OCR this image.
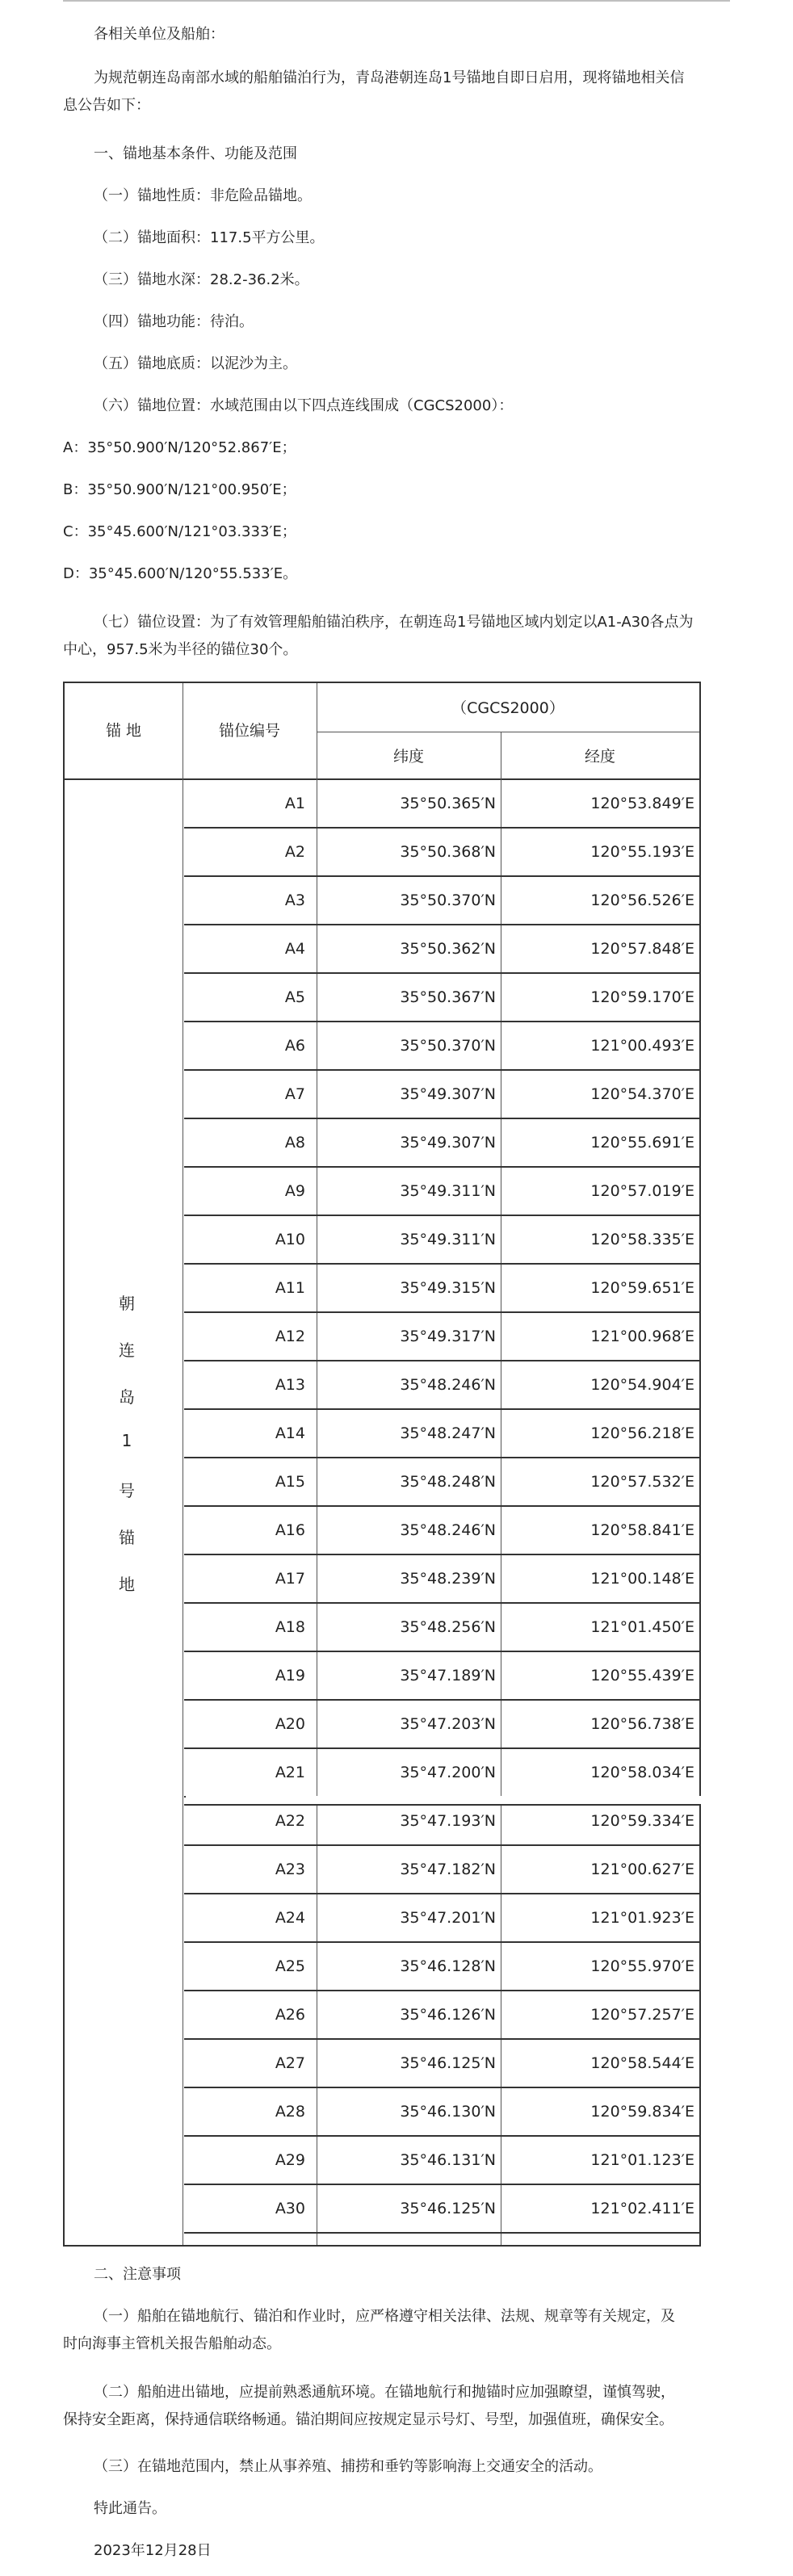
各相关单位及船舶：
为规范朝连岛南部水域的船舶锚泊行为，青岛港朝连岛1号锚地自即日启用，现将锚地相关信
息公告如下：
一、锚地基本条件、功能及范围
（一）锚地性质：非危险品锚地。
（二）锚地面积：117.5平方公里。
（三）锚地水深：28.2-36.2米。
（四）锚地功能：待泊。
（五）锚地底质：以泥沙为主。
（六）锚地位置：水域范围由以下四点连线围成（CGCS2000）：
A：35°50.900′N/120°52.867′E；
B：35°50.900′N/121°00.950′E；
C：35°45.600′N/121°03.333′E；
D：35°45.600′N/120°55.533′E。
（七）锚位设置：为了有效管理船舶锚泊秩序，在朝连岛1号锚地区域内划定以A1-A30各点为
中心，957.5米为半径的锚位30个。
锚 地	锚位编号
（CGCS2000）
纬度	经度
朝
连
岛
1
号
锚
地
A1	35°50.365′N	120°53.849′E
A2	35°50.368′N	120°55.193′E
A3	35°50.370′N	120°56.526′E
A4	35°50.362′N	120°57.848′E
A5	35°50.367′N	120°59.170′E
A6	35°50.370′N	121°00.493′E
A7	35°49.307′N	120°54.370′E
A8	35°49.307′N	120°55.691′E
A9	35°49.311′N	120°57.019′E
A10	35°49.311′N	120°58.335′E
A11	35°49.315′N	120°59.651′E
A12	35°49.317′N	121°00.968′E
A13	35°48.246′N	120°54.904′E
A14	35°48.247′N	120°56.218′E
A15	35°48.248′N	120°57.532′E
A16	35°48.246′N	120°58.841′E
A17	35°48.239′N	121°00.148′E
A18	35°48.256′N	121°01.450′E
A19	35°47.189′N	120°55.439′E
A20	35°47.203′N	120°56.738′E
A21	35°47.200′N	120°58.034′E
A22	35°47.193′N	120°59.334′E
A23	35°47.182′N	121°00.627′E
A24	35°47.201′N	121°01.923′E
A25	35°46.128′N	120°55.970′E
A26	35°46.126′N	120°57.257′E
A27	35°46.125′N	120°58.544′E
A28	35°46.130′N	120°59.834′E
A29	35°46.131′N	121°01.123′E
A30	35°46.125′N	121°02.411′E
二、注意事项
（一）船舶在锚地航行、锚泊和作业时，应严格遵守相关法律、法规、规章等有关规定，及
时向海事主管机关报告船舶动态。
（二）船舶进出锚地，应提前熟悉通航环境。在锚地航行和抛锚时应加强瞭望，谨慎驾驶，
保持安全距离，保持通信联络畅通。锚泊期间应按规定显示号灯、号型，加强值班，确保安全。
（三）在锚地范围内，禁止从事养殖、捕捞和垂钓等影响海上交通安全的活动。
特此通告。
2023年12月28日
